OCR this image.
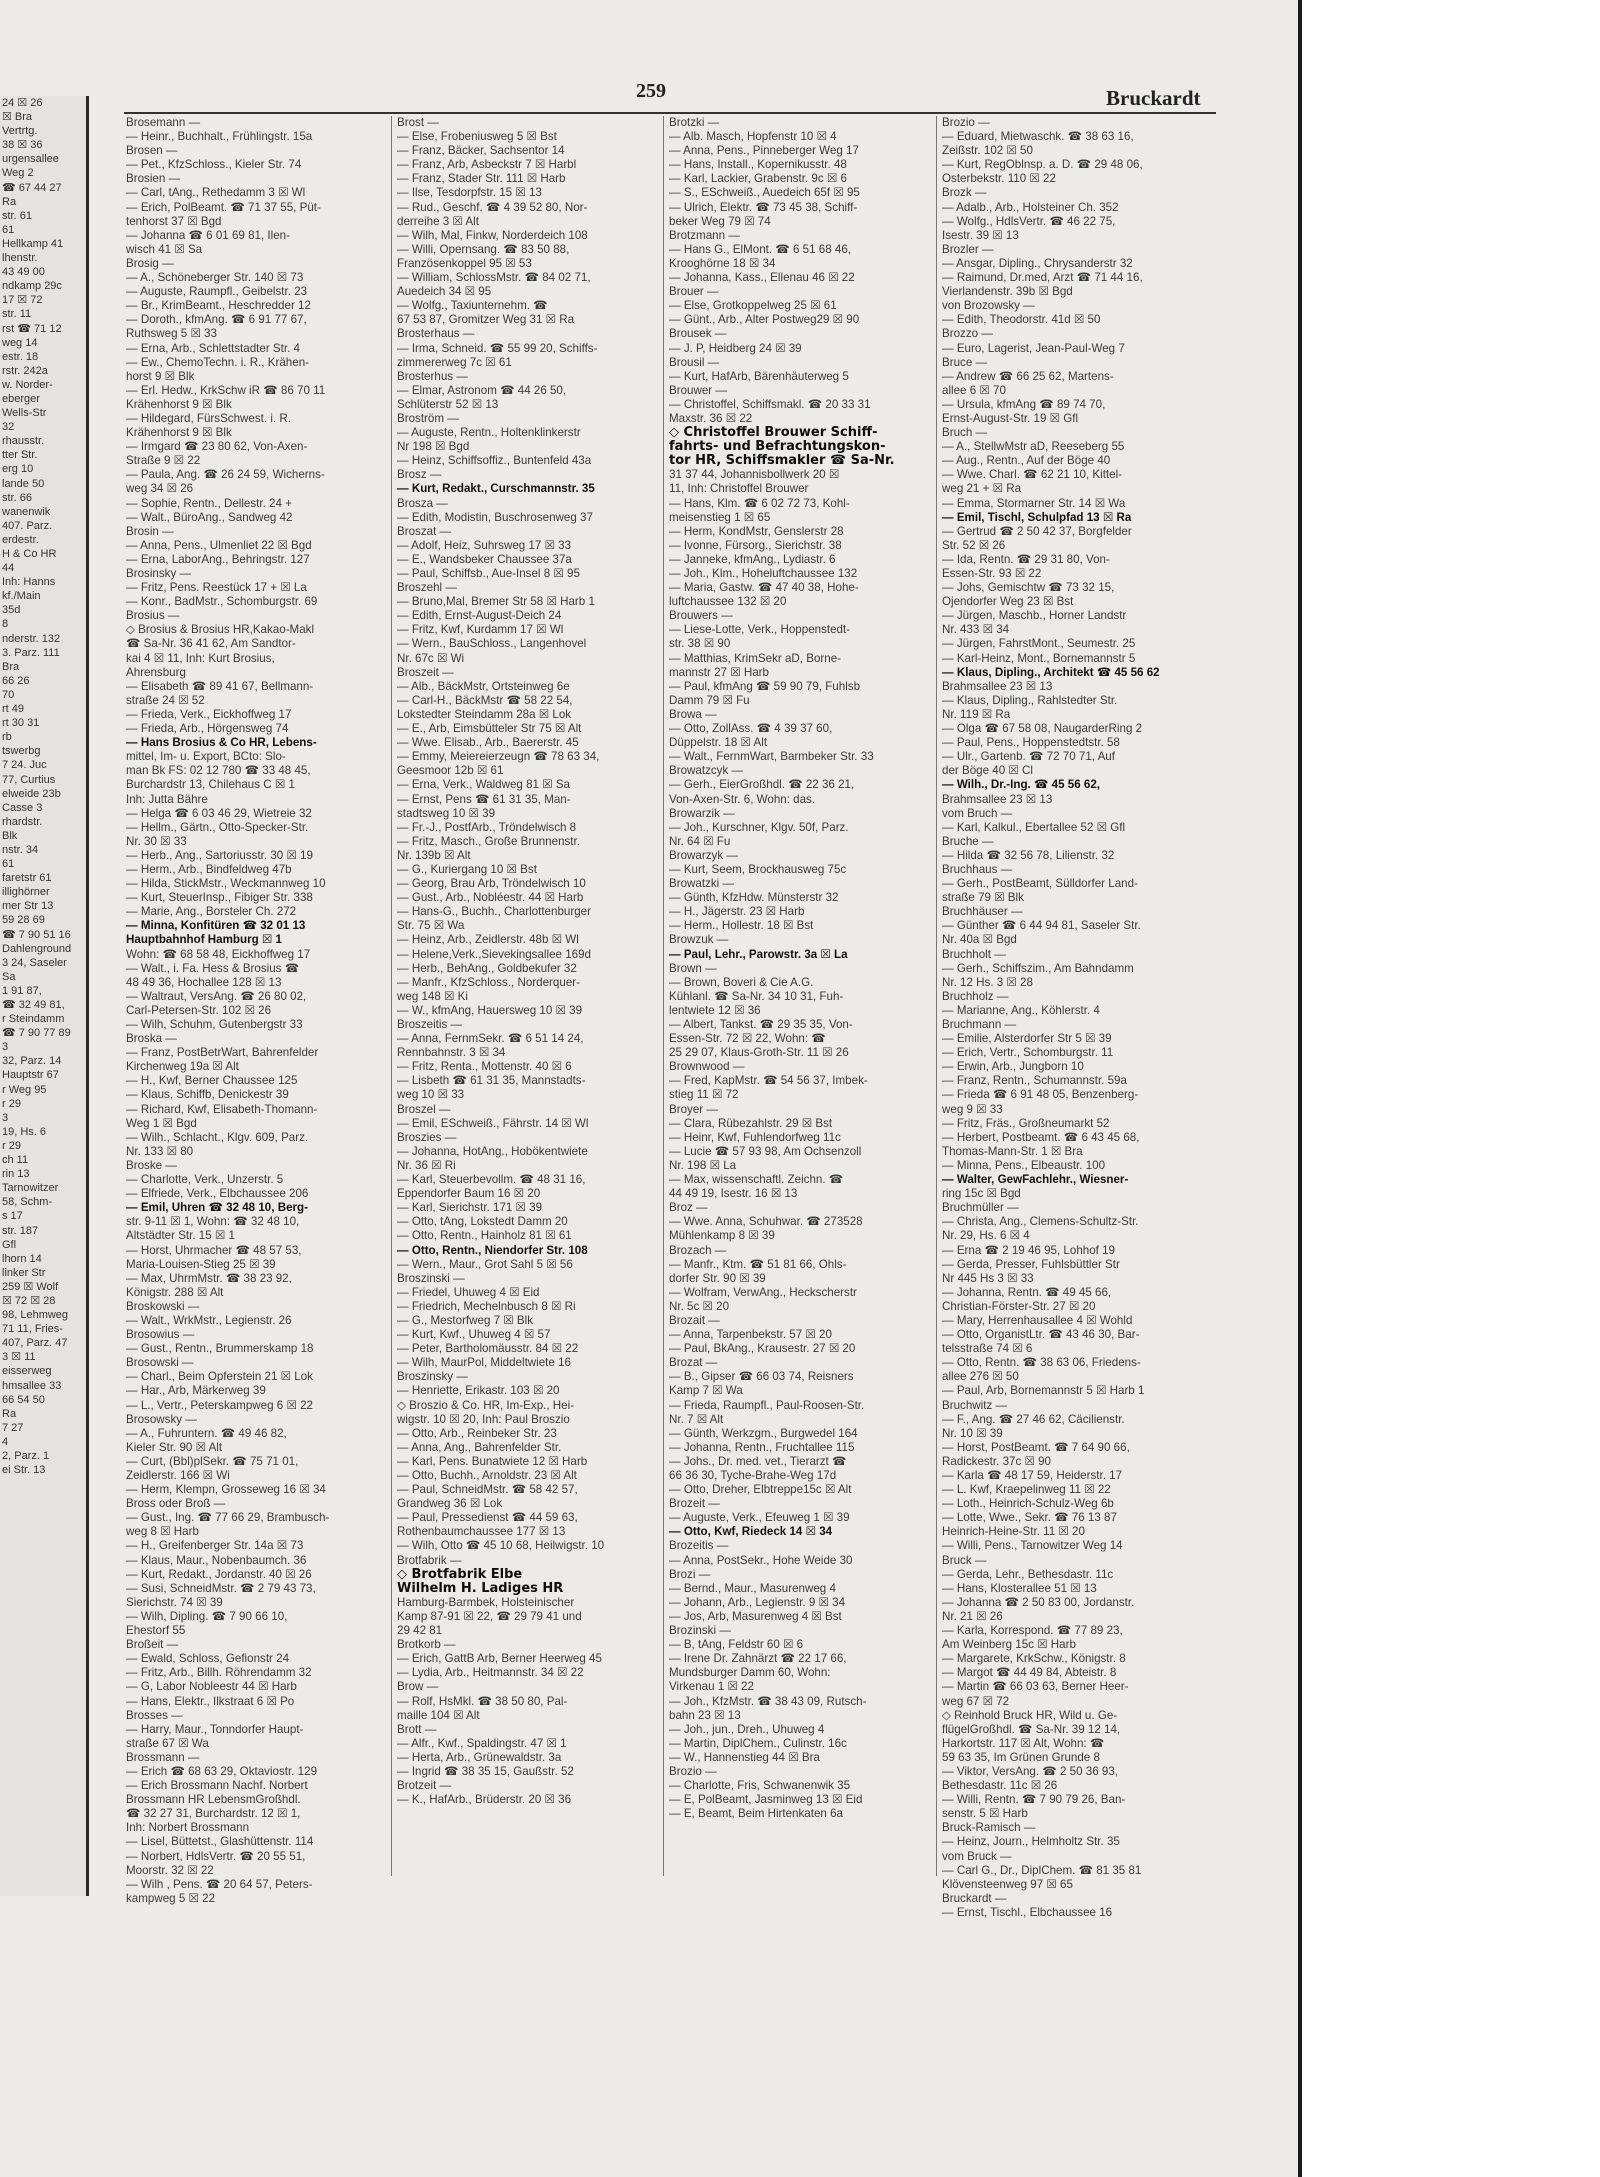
24 ☒ 26
☒ Bra
Vertrtg.
38 ☒ 36
urgensallee
Weg 2
☎ 67 44 27
Ra
str. 61
61
Hellkamp 41
lhenstr.
43 49 00
ndkamp 29c
17 ☒ 72
str. 11
rst ☎ 71 12
weg 14
estr. 18
rstr. 242a
w. Norder-
eberger
Wells-Str
32
rhausstr.
tter Str.
erg 10
lande 50
str. 66
wanenwik
407. Parz.
erdestr.
H & Co HR
44
Inh: Hanns
kf./Main
35d
8
nderstr. 132
3. Parz. 111
Bra
66 26
70
rt 49
rt 30 31
rb
tswerbg
7 24. Juc
77, Curtius
elweide 23b
Casse 3
rhardstr.
Blk
nstr. 34
61
faretstr 61
illighörner
mer Str 13
59 28 69
☎ 7 90 51 16
Dahlenground
3 24, Saseler
Sa
1 91 87,
☎ 32 49 81,
r Steindamm
☎ 7 90 77 89
3
32, Parz. 14
Hauptstr 67
r Weg 95
r 29
3
19, Hs. 6
r 29
ch 11
rin 13
Tarnowitzer
58, Schm-
s 17
str. 187
Gfl
lhorn 14
linker Str
259 ☒ Wolf
☒ 72 ☒ 28
98, Lehmweg
71 11, Fries-
407, Parz. 47
3 ☒ 11
eisserweg
hmsallee 33
66 54 50
Ra
7 27
4
2, Parz. 1
ei Str. 13
259	Bruckardt
Brosemann —
— Heinr., Buchhalt., Frühlingstr. 15a
Brosen —
— Pet., KfzSchloss., Kieler Str. 74
Brosien —
— Carl, tAng., Rethedamm 3 ☒ Wl
— Erich, PolBeamt. ☎ 71 37 55, Püt-
tenhorst 37 ☒ Bgd
— Johanna ☎ 6 01 69 81, Ilen-
wisch 41 ☒ Sa
Brosig —
— A., Schöneberger Str. 140 ☒ 73
— Auguste, Raumpfl., Geibelstr. 23
— Br., KrimBeamt., Heschredder 12
— Doroth., kfmAng. ☎ 6 91 77 67,
Ruthsweg 5 ☒ 33
— Erna, Arb., Schlettstadter Str. 4
— Ew., ChemoTechn. i. R., Krähen-
horst 9 ☒ Blk
— Erl. Hedw., KrkSchw iR ☎ 86 70 11
Krähenhorst 9 ☒ Blk
— Hildegard, FürsSchwest. i. R.
Krähenhorst 9 ☒ Blk
— Irmgard ☎ 23 80 62, Von-Axen-
Straße 9 ☒ 22
— Paula, Ang. ☎ 26 24 59, Wicherns-
weg 34 ☒ 26
— Sophie, Rentn., Dellestr. 24 +
— Walt., BüroAng., Sandweg 42
Brosin —
— Anna, Pens., Ulmenliet 22 ☒ Bgd
— Erna, LaborAng., Behringstr. 127
Brosinsky —
— Fritz, Pens. Reestück 17 + ☒ La
— Konr., BadMstr., Schomburgstr. 69
Brosius —
◇ Brosius & Brosius HR,Kakao-Makl
☎ Sa-Nr. 36 41 62, Am Sandtor-
kai 4 ☒ 11, Inh: Kurt Brosius,
Ahrensburg
— Elisabeth ☎ 89 41 67, Bellmann-
straße 24 ☒ 52
— Frieda, Verk., Eickhoffweg 17
— Frieda, Arb., Hörgensweg 74
— Hans Brosius & Co HR, Lebens-
mittel, Im- u. Export, BCto: Slo-
man Bk FS: 02 12 780 ☎ 33 48 45,
Burchardstr 13, Chilehaus C ☒ 1
Inh: Jutta Bähre
— Helga ☎ 6 03 46 29, Wietreie 32
— Hellm., Gärtn., Otto-Specker-Str.
Nr. 30 ☒ 33
— Herb., Ang., Sartoriusstr. 30 ☒ 19
— Herm., Arb., Bindfeldweg 47b
— Hilda, StickMstr., Weckmannweg 10
— Kurt, SteuerInsp., Fibiger Str. 338
— Marie, Ang., Borsteler Ch. 272
— Minna, Konfitüren ☎ 32 01 13
Hauptbahnhof Hamburg ☒ 1
Wohn: ☎ 68 58 48, Eickhoffweg 17
— Walt., i. Fa. Hess & Brosius ☎
48 49 36, Hochallee 128 ☒ 13
— Waltraut, VersAng. ☎ 26 80 02,
Carl-Petersen-Str. 102 ☒ 26
— Wilh, Schuhm, Gutenbergstr 33
Broska —
— Franz, PostBetrWart, Bahrenfelder
Kirchenweg 19a ☒ Alt
— H., Kwf, Berner Chaussee 125
— Klaus, Schiffb, Denickestr 39
— Richard, Kwf, Elisabeth-Thomann-
Weg 1 ☒ Bgd
— Wilh., Schlacht., Klgv. 609, Parz.
Nr. 133 ☒ 80
Broske —
— Charlotte, Verk., Unzerstr. 5
— Elfriede, Verk., Elbchaussee 206
— Emil, Uhren ☎ 32 48 10, Berg-
str. 9-11 ☒ 1, Wohn: ☎ 32 48 10,
Altstädter Str. 15 ☒ 1
— Horst, Uhrmacher ☎ 48 57 53,
Maria-Louisen-Stieg 25 ☒ 39
— Max, UhrmMstr. ☎ 38 23 92,
Königstr. 288 ☒ Alt
Broskowski —
— Walt., WrkMstr., Legienstr. 26
Brosowius —
— Gust., Rentn., Brummerskamp 18
Brosowski —
— Charl., Beim Opferstein 21 ☒ Lok
— Har., Arb, Märkerweg 39
— L., Vertr., Peterskampweg 6 ☒ 22
Brosowsky —
— A., Fuhruntern. ☎ 49 46 82,
Kieler Str. 90 ☒ Alt
— Curt, (Bbl)plSekr. ☎ 75 71 01,
Zeidlerstr. 166 ☒ Wi
— Herm, Klempn, Grosseweg 16 ☒ 34
Bross oder Broß —
— Gust., Ing. ☎ 77 66 29, Brambusch-
weg 8 ☒ Harb
— H., Greifenberger Str. 14a ☒ 73
— Klaus, Maur., Nobenbaumch. 36
— Kurt, Redakt., Jordanstr. 40 ☒ 26
— Susi, SchneidMstr. ☎ 2 79 43 73,
Sierichstr. 74 ☒ 39
— Wilh, Dipling. ☎ 7 90 66 10,
Ehestorf 55
Broßeit —
— Ewald, Schloss, Gefionstr 24
— Fritz, Arb., Billh. Röhrendamm 32
— G, Labor Nobleestr 44 ☒ Harb
— Hans, Elektr., Ilkstraat 6 ☒ Po
Brosses —
— Harry, Maur., Tonndorfer Haupt-
straße 67 ☒ Wa
Brossmann —
— Erich ☎ 68 63 29, Oktaviostr. 129
— Erich Brossmann Nachf. Norbert
Brossmann HR LebensmGroßhdl.
☎ 32 27 31, Burchardstr. 12 ☒ 1,
Inh: Norbert Brossmann
— Lisel, Büttetst., Glashüttenstr. 114
— Norbert, HdlsVertr. ☎ 20 55 51,
Moorstr. 32 ☒ 22
— Wilh , Pens. ☎ 20 64 57, Peters-
kampweg 5 ☒ 22
Brost —
— Else, Frobeniusweg 5 ☒ Bst
— Franz, Bäcker, Sachsentor 14
— Franz, Arb, Asbeckstr 7 ☒ Harbl
— Franz, Stader Str. 111 ☒ Harb
— Ilse, Tesdorpfstr. 15 ☒ 13
— Rud., Geschf. ☎ 4 39 52 80, Nor-
derreihe 3 ☒ Alt
— Wilh, Mal, Finkw, Norderdeich 108
— Willi, Opernsang. ☎ 83 50 88,
Französenkoppel 95 ☒ 53
— William, SchlossMstr. ☎ 84 02 71,
Auedeich 34 ☒ 95
— Wolfg., Taxiunternehm. ☎
67 53 87, Gromitzer Weg 31 ☒ Ra
Brosterhaus —
— Irma, Schneid. ☎ 55 99 20, Schiffs-
zimmererweg 7c ☒ 61
Brosterhus —
— Elmar, Astronom ☎ 44 26 50,
Schlüterstr 52 ☒ 13
Broström —
— Auguste, Rentn., Holtenklinkerstr
Nr 198 ☒ Bgd
— Heinz, Schiffsoffiz., Buntenfeld 43a
Brosz —
— Kurt, Redakt., Curschmannstr. 35
Brosza —
— Edith, Modistin, Buschrosenweg 37
Broszat —
— Adolf, Heiz, Suhrsweg 17 ☒ 33
— E., Wandsbeker Chaussee 37a
— Paul, Schiffsb., Aue-Insel 8 ☒ 95
Broszehl —
— Bruno,Mal, Bremer Str 58 ☒ Harb 1
— Edith, Ernst-August-Deich 24
— Fritz, Kwf, Kurdamm 17 ☒ Wl
— Wern., BauSchloss., Langenhovel
Nr. 67c ☒ Wi
Broszeit —
— Alb., BäckMstr, Ortsteinweg 6e
— Carl-H., BäckMstr ☎ 58 22 54,
Lokstedter Steindamm 28a ☒ Lok
— E., Arb, Eimsbütteler Str 75 ☒ Alt
— Wwe. Elisab., Arb., Baererstr. 45
— Emmy, Meiereierzeugn ☎ 78 63 34,
Geesmoor 12b ☒ 61
— Erna, Verk., Waldweg 81 ☒ Sa
— Ernst, Pens ☎ 61 31 35, Man-
stadtsweg 10 ☒ 39
— Fr.-J., PostfArb., Tröndelwisch 8
— Fritz, Masch., Große Brunnenstr.
Nr. 139b ☒ Alt
— G., Kuriergang 10 ☒ Bst
— Georg, Brau Arb, Tröndelwisch 10
— Gust., Arb., Nobléestr. 44 ☒ Harb
— Hans-G., Buchh., Charlottenburger
Str. 75 ☒ Wa
— Heinz, Arb., Zeidlerstr. 48b ☒ Wl
— Helene,Verk.,Sievekingsallee 169d
— Herb., BehAng., Goldbekufer 32
— Manfr., KfzSchloss., Norderquer-
weg 148 ☒ Ki
— W., kfmAng, Hauersweg 10 ☒ 39
Broszeitis —
— Anna, FernmSekr. ☎ 6 51 14 24,
Rennbahnstr. 3 ☒ 34
— Fritz, Renta., Mottenstr. 40 ☒ 6
— Lisbeth ☎ 61 31 35, Mannstadts-
weg 10 ☒ 33
Broszel —
— Emil, ESchweiß., Fährstr. 14 ☒ Wl
Broszies —
— Johanna, HotAng., Hobökentwiete
Nr. 36 ☒ Ri
— Karl, Steuerbevollm. ☎ 48 31 16,
Eppendorfer Baum 16 ☒ 20
— Karl, Sierichstr. 171 ☒ 39
— Otto, tAng, Lokstedt Damm 20
— Otto, Rentn., Hainholz 81 ☒ 61
— Otto, Rentn., Niendorfer Str. 108
— Wern., Maur., Grot Sahl 5 ☒ 56
Broszinski —
— Friedel, Uhuweg 4 ☒ Eid
— Friedrich, Mechelnbusch 8 ☒ Ri
— G., Mestorfweg 7 ☒ Blk
— Kurt, Kwf., Uhuweg 4 ☒ 57
— Peter, Bartholomäusstr. 84 ☒ 22
— Wilh, MaurPol, Middeltwiete 16
Broszinsky —
— Henriette, Erikastr. 103 ☒ 20
◇ Broszio & Co. HR, Im-Exp., Hei-
wigstr. 10 ☒ 20, Inh: Paul Broszio
— Otto, Arb., Reinbeker Str. 23
— Anna, Ang., Bahrenfelder Str.
— Karl, Pens. Bunatwiete 12 ☒ Harb
— Otto, Buchh., Arnoldstr. 23 ☒ Alt
— Paul, SchneidMstr. ☎ 58 42 57,
Grandweg 36 ☒ Lok
— Paul, Pressedienst ☎ 44 59 63,
Rothenbaumchaussee 177 ☒ 13
— Wilh, Otto ☎ 45 10 68, Heilwigstr. 10
Brotfabrik —
◇ Brotfabrik Elbe
Wilhelm H. Ladiges HR
Hamburg-Barmbek, Holsteinischer
Kamp 87-91 ☒ 22, ☎ 29 79 41 und
29 42 81
Brotkorb —
— Erich, GattB Arb, Berner Heerweg 45
— Lydia, Arb., Heitmannstr. 34 ☒ 22
Brow —
— Rolf, HsMkl. ☎ 38 50 80, Pal-
maille 104 ☒ Alt
Brott —
— Alfr., Kwf., Spaldingstr. 47 ☒ 1
— Herta, Arb., Grünewaldstr. 3a
— Ingrid ☎ 38 35 15, Gaußstr. 52
Brotzeit —
— K., HafArb., Brüderstr. 20 ☒ 36
Brotzki —
— Alb. Masch, Hopfenstr 10 ☒ 4
— Anna, Pens., Pinneberger Weg 17
— Hans, Install., Kopernikusstr. 48
— Karl, Lackier, Grabenstr. 9c ☒ 6
— S., ESchweiß., Auedeich 65f ☒ 95
— Ulrich, Elektr. ☎ 73 45 38, Schiff-
beker Weg 79 ☒ 74
Brotzmann —
— Hans G., ElMont. ☎ 6 51 68 46,
Krooghörne 18 ☒ 34
— Johanna, Kass., Ellenau 46 ☒ 22
Brouer —
— Else, Grotkoppelweg 25 ☒ 61
— Günt., Arb., Alter Postweg29 ☒ 90
Brousek —
— J. P, Heidberg 24 ☒ 39
Brousil —
— Kurt, HafArb, Bärenhäuterweg 5
Brouwer —
— Christoffel, Schiffsmakl. ☎ 20 33 31
Maxstr. 36 ☒ 22
◇ Christoffel Brouwer Schiff-
fahrts- und Befrachtungskon-
tor HR, Schiffsmakler ☎ Sa-Nr.
31 37 44, Johannisbollwerk 20 ☒
11, Inh: Christoffel Brouwer
— Hans, Klm. ☎ 6 02 72 73, Kohl-
meisenstieg 1 ☒ 65
— Herm, KondMstr, Genslerstr 28
— Ivonne, Fürsorg., Sierichstr. 38
— Janneke, kfmAng., Lydiastr. 6
— Joh., Klm., Hoheluftchaussee 132
— Maria, Gastw. ☎ 47 40 38, Hohe-
luftchaussee 132 ☒ 20
Brouwers —
— Liese-Lotte, Verk., Hoppenstedt-
str. 38 ☒ 90
— Matthias, KrimSekr aD, Borne-
mannstr 27 ☒ Harb
— Paul, kfmAng ☎ 59 90 79, Fuhlsb
Damm 79 ☒ Fu
Browa —
— Otto, ZollAss. ☎ 4 39 37 60,
Düppelstr. 18 ☒ Alt
— Walt., FernmWart, Barmbeker Str. 33
Browatzcyk —
— Gerh., EierGroßhdl. ☎ 22 36 21,
Von-Axen-Str. 6, Wohn: das.
Browarzik —
— Joh., Kurschner, Klgv. 50f, Parz.
Nr. 64 ☒ Fu
Browarzyk —
— Kurt, Seem, Brockhausweg 75c
Browatzki —
— Günth, KfzHdw. Münsterstr 32
— H., Jägerstr. 23 ☒ Harb
— Herm., Hollestr. 18 ☒ Bst
Browzuk —
— Paul, Lehr., Parowstr. 3a ☒ La
Brown —
— Brown, Boveri & Cie A.G.
Kühlanl. ☎ Sa-Nr. 34 10 31, Fuh-
lentwiete 12 ☒ 36
— Albert, Tankst. ☎ 29 35 35, Von-
Essen-Str. 72 ☒ 22, Wohn: ☎
25 29 07, Klaus-Groth-Str. 11 ☒ 26
Brownwood —
— Fred, KapMstr. ☎ 54 56 37, Imbek-
stieg 11 ☒ 72
Broyer —
— Clara, Rübezahlstr. 29 ☒ Bst
— Heinr, Kwf, Fuhlendorfweg 11c
— Lucie ☎ 57 93 98, Am Ochsenzoll
Nr. 198 ☒ La
— Max, wissenschaftl. Zeichn. ☎
44 49 19, Isestr. 16 ☒ 13
Broz —
— Wwe. Anna, Schuhwar. ☎ 273528
Mühlenkamp 8 ☒ 39
Brozach —
— Manfr., Ktm. ☎ 51 81 66, Ohls-
dorfer Str. 90 ☒ 39
— Wolfram, VerwAng., Heckscherstr
Nr. 5c ☒ 20
Brozait —
— Anna, Tarpenbekstr. 57 ☒ 20
— Paul, BkAng., Krausestr. 27 ☒ 20
Brozat —
— B., Gipser ☎ 66 03 74, Reisners
Kamp 7 ☒ Wa
— Frieda, Raumpfl., Paul-Roosen-Str.
Nr. 7 ☒ Alt
— Günth, Werkzgm., Burgwedel 164
— Johanna, Rentn., Fruchtallee 115
— Johs., Dr. med. vet., Tierarzt ☎
66 36 30, Tyche-Brahe-Weg 17d
— Otto, Dreher, Elbtreppe15c ☒ Alt
Brozeit —
— Auguste, Verk., Efeuweg 1 ☒ 39
— Otto, Kwf, Riedeck 14 ☒ 34
Brozeitis —
— Anna, PostSekr., Hohe Weide 30
Brozi —
— Bernd., Maur., Masurenweg 4
— Johann, Arb., Legienstr. 9 ☒ 34
— Jos, Arb, Masurenweg 4 ☒ Bst
Brozinski —
— B, tAng, Feldstr 60 ☒ 6
— Irene Dr. Zahnärzt ☎ 22 17 66,
Mundsburger Damm 60, Wohn:
Virkenau 1 ☒ 22
— Joh., KfzMstr. ☎ 38 43 09, Rutsch-
bahn 23 ☒ 13
— Joh., jun., Dreh., Uhuweg 4
— Martin, DiplChem., Culinstr. 16c
— W., Hannenstieg 44 ☒ Bra
Brozio —
— Charlotte, Fris, Schwanenwik 35
— E, PolBeamt, Jasminweg 13 ☒ Eid
— E, Beamt, Beim Hirtenkaten 6a
Brozio —
— Eduard, Mietwaschk. ☎ 38 63 16,
Zeißstr. 102 ☒ 50
— Kurt, RegOblnsp. a. D. ☎ 29 48 06,
Osterbekstr. 110 ☒ 22
Brozk —
— Adalb., Arb., Holsteiner Ch. 352
— Wolfg., HdlsVertr. ☎ 46 22 75,
Isestr. 39 ☒ 13
Brozler —
— Ansgar, Dipling., Chrysanderstr 32
— Raimund, Dr.med, Arzt ☎ 71 44 16,
Vierlandenstr. 39b ☒ Bgd
von Brozowsky —
— Edith, Theodorstr. 41d ☒ 50
Brozzo —
— Euro, Lagerist, Jean-Paul-Weg 7
Bruce —
— Andrew ☎ 66 25 62, Martens-
allee 6 ☒ 70
— Ursula, kfmAng ☎ 89 74 70,
Ernst-August-Str. 19 ☒ Gfl
Bruch —
— A., StellwMstr aD, Reeseberg 55
— Aug., Rentn., Auf der Böge 40
— Wwe. Charl. ☎ 62 21 10, Kittel-
weg 21 + ☒ Ra
— Emma, Stormarner Str. 14 ☒ Wa
— Emil, Tischl, Schulpfad 13 ☒ Ra
— Gertrud ☎ 2 50 42 37, Borgfelder
Str. 52 ☒ 26
— Ida, Rentn. ☎ 29 31 80, Von-
Essen-Str. 93 ☒ 22
— Johs, Gemischtw ☎ 73 32 15,
Ojendorfer Weg 23 ☒ Bst
— Jürgen, Maschb., Horner Landstr
Nr. 433 ☒ 34
— Jürgen, FahrstMont., Seumestr. 25
— Karl-Heinz, Mont., Bornemannstr 5
— Klaus, Dipling., Architekt ☎ 45 56 62
Brahmsallee 23 ☒ 13
— Klaus, Dipling., Rahlstedter Str.
Nr. 119 ☒ Ra
— Olga ☎ 67 58 08, NaugarderRing 2
— Paul, Pens., Hoppenstedtstr. 58
— Ulr., Gartenb. ☎ 72 70 71, Auf
der Böge 40 ☒ Cl
— Wilh., Dr.-Ing. ☎ 45 56 62,
Brahmsallee 23 ☒ 13
vom Bruch —
— Karl, Kalkul., Ebertallee 52 ☒ Gfl
Bruche —
— Hilda ☎ 32 56 78, Lilienstr. 32
Bruchhaus —
— Gerh., PostBeamt, Sülldorfer Land-
straße 79 ☒ Blk
Bruchhäuser —
— Günther ☎ 6 44 94 81, Saseler Str.
Nr. 40a ☒ Bgd
Bruchholt —
— Gerh., Schiffszim., Am Bahndamm
Nr. 12 Hs. 3 ☒ 28
Bruchholz —
— Marianne, Ang., Köhlerstr. 4
Bruchmann —
— Emilie, Alsterdorfer Str 5 ☒ 39
— Erich, Vertr., Schomburgstr. 11
— Erwin, Arb., Jungborn 10
— Franz, Rentn., Schumannstr. 59a
— Frieda ☎ 6 91 48 05, Benzenberg-
weg 9 ☒ 33
— Fritz, Fräs., Großneumarkt 52
— Herbert, Postbeamt. ☎ 6 43 45 68,
Thomas-Mann-Str. 1 ☒ Bra
— Minna, Pens., Elbeaustr. 100
— Walter, GewFachlehr., Wiesner-
ring 15c ☒ Bgd
Bruchmüller —
— Christa, Ang., Clemens-Schultz-Str.
Nr. 29, Hs. 6 ☒ 4
— Erna ☎ 2 19 46 95, Lohhof 19
— Gerda, Presser, Fuhlsbüttler Str
Nr 445 Hs 3 ☒ 33
— Johanna, Rentn. ☎ 49 45 66,
Christian-Förster-Str. 27 ☒ 20
— Mary, Herrenhausallee 4 ☒ Wohld
— Otto, OrganistLtr. ☎ 43 46 30, Bar-
telsstraße 74 ☒ 6
— Otto, Rentn. ☎ 38 63 06, Friedens-
allee 276 ☒ 50
— Paul, Arb, Bornemannstr 5 ☒ Harb 1
Bruchwitz —
— F., Ang. ☎ 27 46 62, Cäcilienstr.
Nr. 10 ☒ 39
— Horst, PostBeamt. ☎ 7 64 90 66,
Radickestr. 37c ☒ 90
— Karla ☎ 48 17 59, Heiderstr. 17
— L. Kwf, Kraepelinweg 11 ☒ 22
— Loth., Heinrich-Schulz-Weg 6b
— Lotte, Wwe., Sekr. ☎ 76 13 87
Heinrich-Heine-Str. 11 ☒ 20
— Willi, Pens., Tarnowitzer Weg 14
Bruck —
— Gerda, Lehr., Bethesdastr. 11c
— Hans, Klosterallee 51 ☒ 13
— Johanna ☎ 2 50 83 00, Jordanstr.
Nr. 21 ☒ 26
— Karla, Korrespond. ☎ 77 89 23,
Am Weinberg 15c ☒ Harb
— Margarete, KrkSchw., Königstr. 8
— Margot ☎ 44 49 84, Abteistr. 8
— Martin ☎ 66 03 63, Berner Heer-
weg 67 ☒ 72
◇ Reinhold Bruck HR, Wild u. Ge-
flügelGroßhdl. ☎ Sa-Nr. 39 12 14,
Harkortstr. 117 ☒ Alt, Wohn: ☎
59 63 35, Im Grünen Grunde 8
— Viktor, VersAng. ☎ 2 50 36 93,
Bethesdastr. 11c ☒ 26
— Willi, Rentn. ☎ 7 90 79 26, Ban-
senstr. 5 ☒ Harb
Bruck-Ramisch —
— Heinz, Journ., Helmholtz Str. 35
vom Bruck —
— Carl G., Dr., DiplChem. ☎ 81 35 81
Klövensteenweg 97 ☒ 65
Bruckardt —
— Ernst, Tischl., Elbchaussee 16
